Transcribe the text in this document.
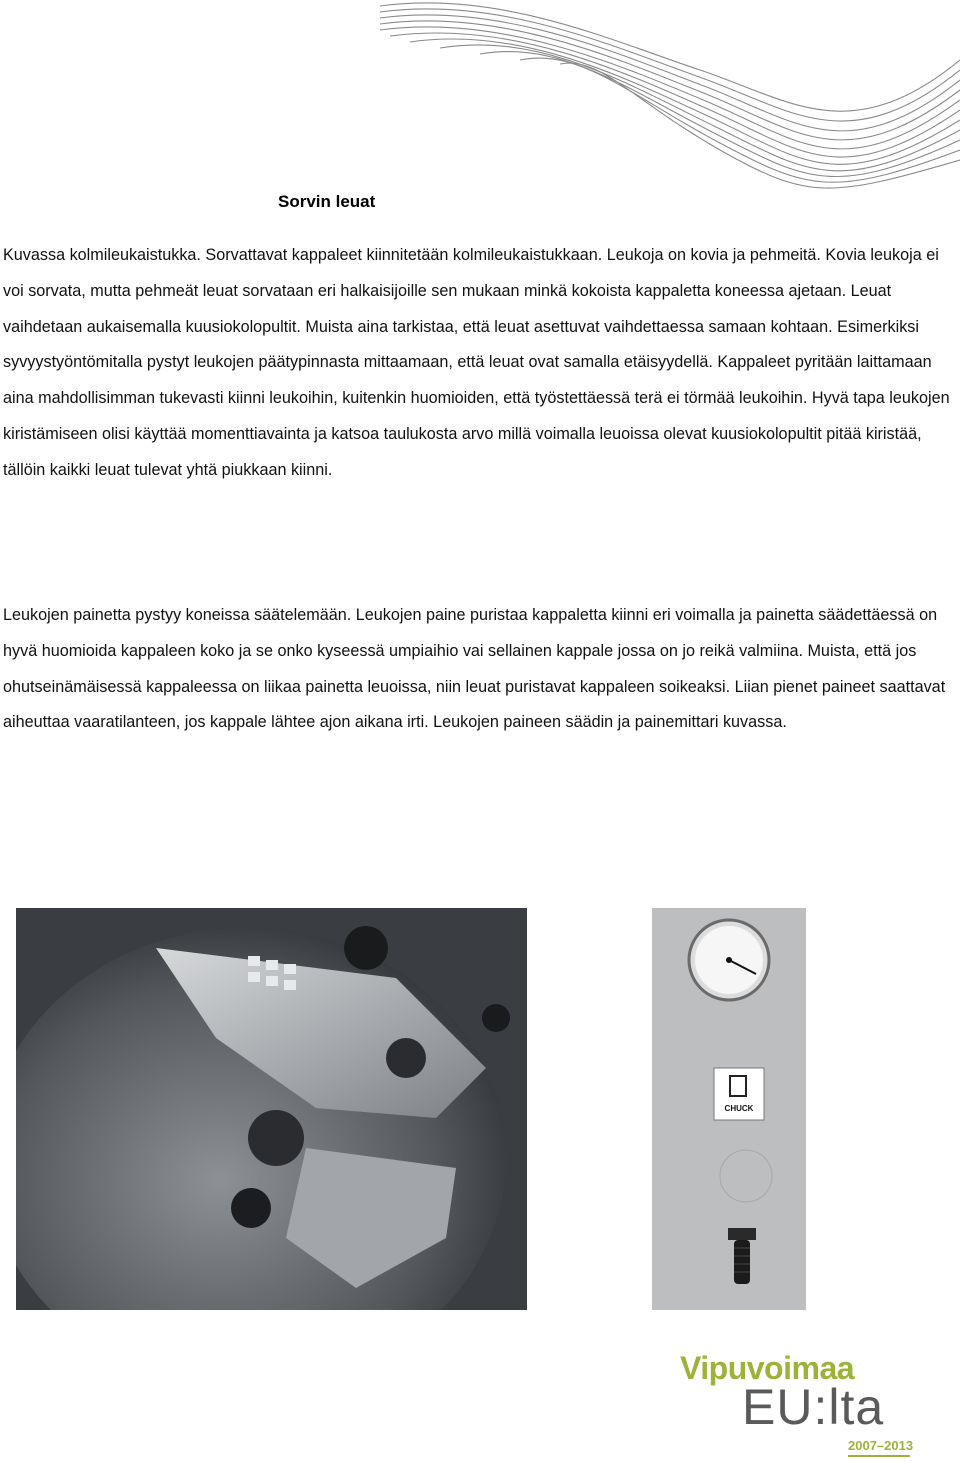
Sorvin leuat

Kuvassa kolmileukaistukka. Sorvattavat kappaleet kiinnitetään kolmileukaistukkaan. Leukoja on kovia ja pehmeitä. Kovia leukoja ei voi sorvata, mutta pehmeät leuat sorvataan eri halkaisijoille sen mukaan minkä kokoista kappaletta koneessa ajetaan. Leuat vaihdetaan aukaisemalla kuusiokolopultit. Muista aina tarkistaa, että leuat asettuvat vaihdettaessa samaan kohtaan. Esimerkiksi syvyystyöntömitalla pystyt leukojen päätypinnasta mittaamaan, että leuat ovat samalla etäisyydellä. Kappaleet pyritään laittamaan aina mahdollisimman tukevasti kiinni leukoihin, kuitenkin huomioiden, että työstettäessä terä ei törmää leukoihin. Hyvä tapa leukojen kiristämiseen olisi käyttää momenttiavainta ja katsoa taulukosta arvo millä voimalla leuoissa olevat kuusiokolopultit pitää kiristää, tällöin kaikki leuat tulevat yhtä piukkaan kiinni.

Leukojen painetta pystyy koneissa säätelemään. Leukojen paine puristaa kappaletta kiinni eri voimalla ja painetta säädettäessä on hyvä huomioida kappaleen koko ja se onko kyseessä umpiaihio vai sellainen kappale jossa on jo reikä valmiina. Muista, että jos ohutseinämäisessä kappaleessa on liikaa painetta leuoissa, niin leuat puristavat kappaleen soikeaksi. Liian pienet paineet saattavat aiheuttaa vaaratilanteen, jos kappale lähtee ajon aikana irti. Leukojen paineen säädin ja painemittari kuvassa.

CHUCK

Vipuvoimaa

EU:lta

2007–2013
